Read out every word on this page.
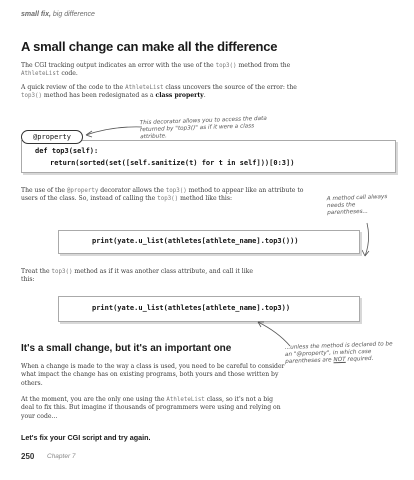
small fix, big difference
A small change can make all the difference

The CGI tracking output indicates an error with the use of the top3() method from the AthleteList code.

A quick review of the code to the AthleteList class uncovers the source of the error: the top3() method has been redesignated as a class property.

@property
def top3(self):
return(sorted(set([self.sanitize(t) for t in self]))[0:3])
This decorator allows you to access the data returned by "top3()" as if it were a class attribute.

The use of the @property decorator allows the top3() method to appear like an attribute to users of the class. So, instead of calling the top3() method like this:	A method call always needs the parentheses...
print(yate.u_list(athletes[athlete_name].top3()))

Treat the top3() method as if it was another class attribute, and call it like this:

print(yate.u_list(athletes[athlete_name].top3))
It's a small change, but it's an important one	...unless the method is declared to be an "@property", in which case parentheses are NOT required.

When a change is made to the way a class is used, you need to be careful to consider what impact the change has on existing programs, both yours and those written by others.

At the moment, you are the only one using the AthleteList class, so it's not a big deal to fix this. But imagine if thousands of programmers were using and relying on your code...

Let's fix your CGI script and try again.
250 Chapter 7
